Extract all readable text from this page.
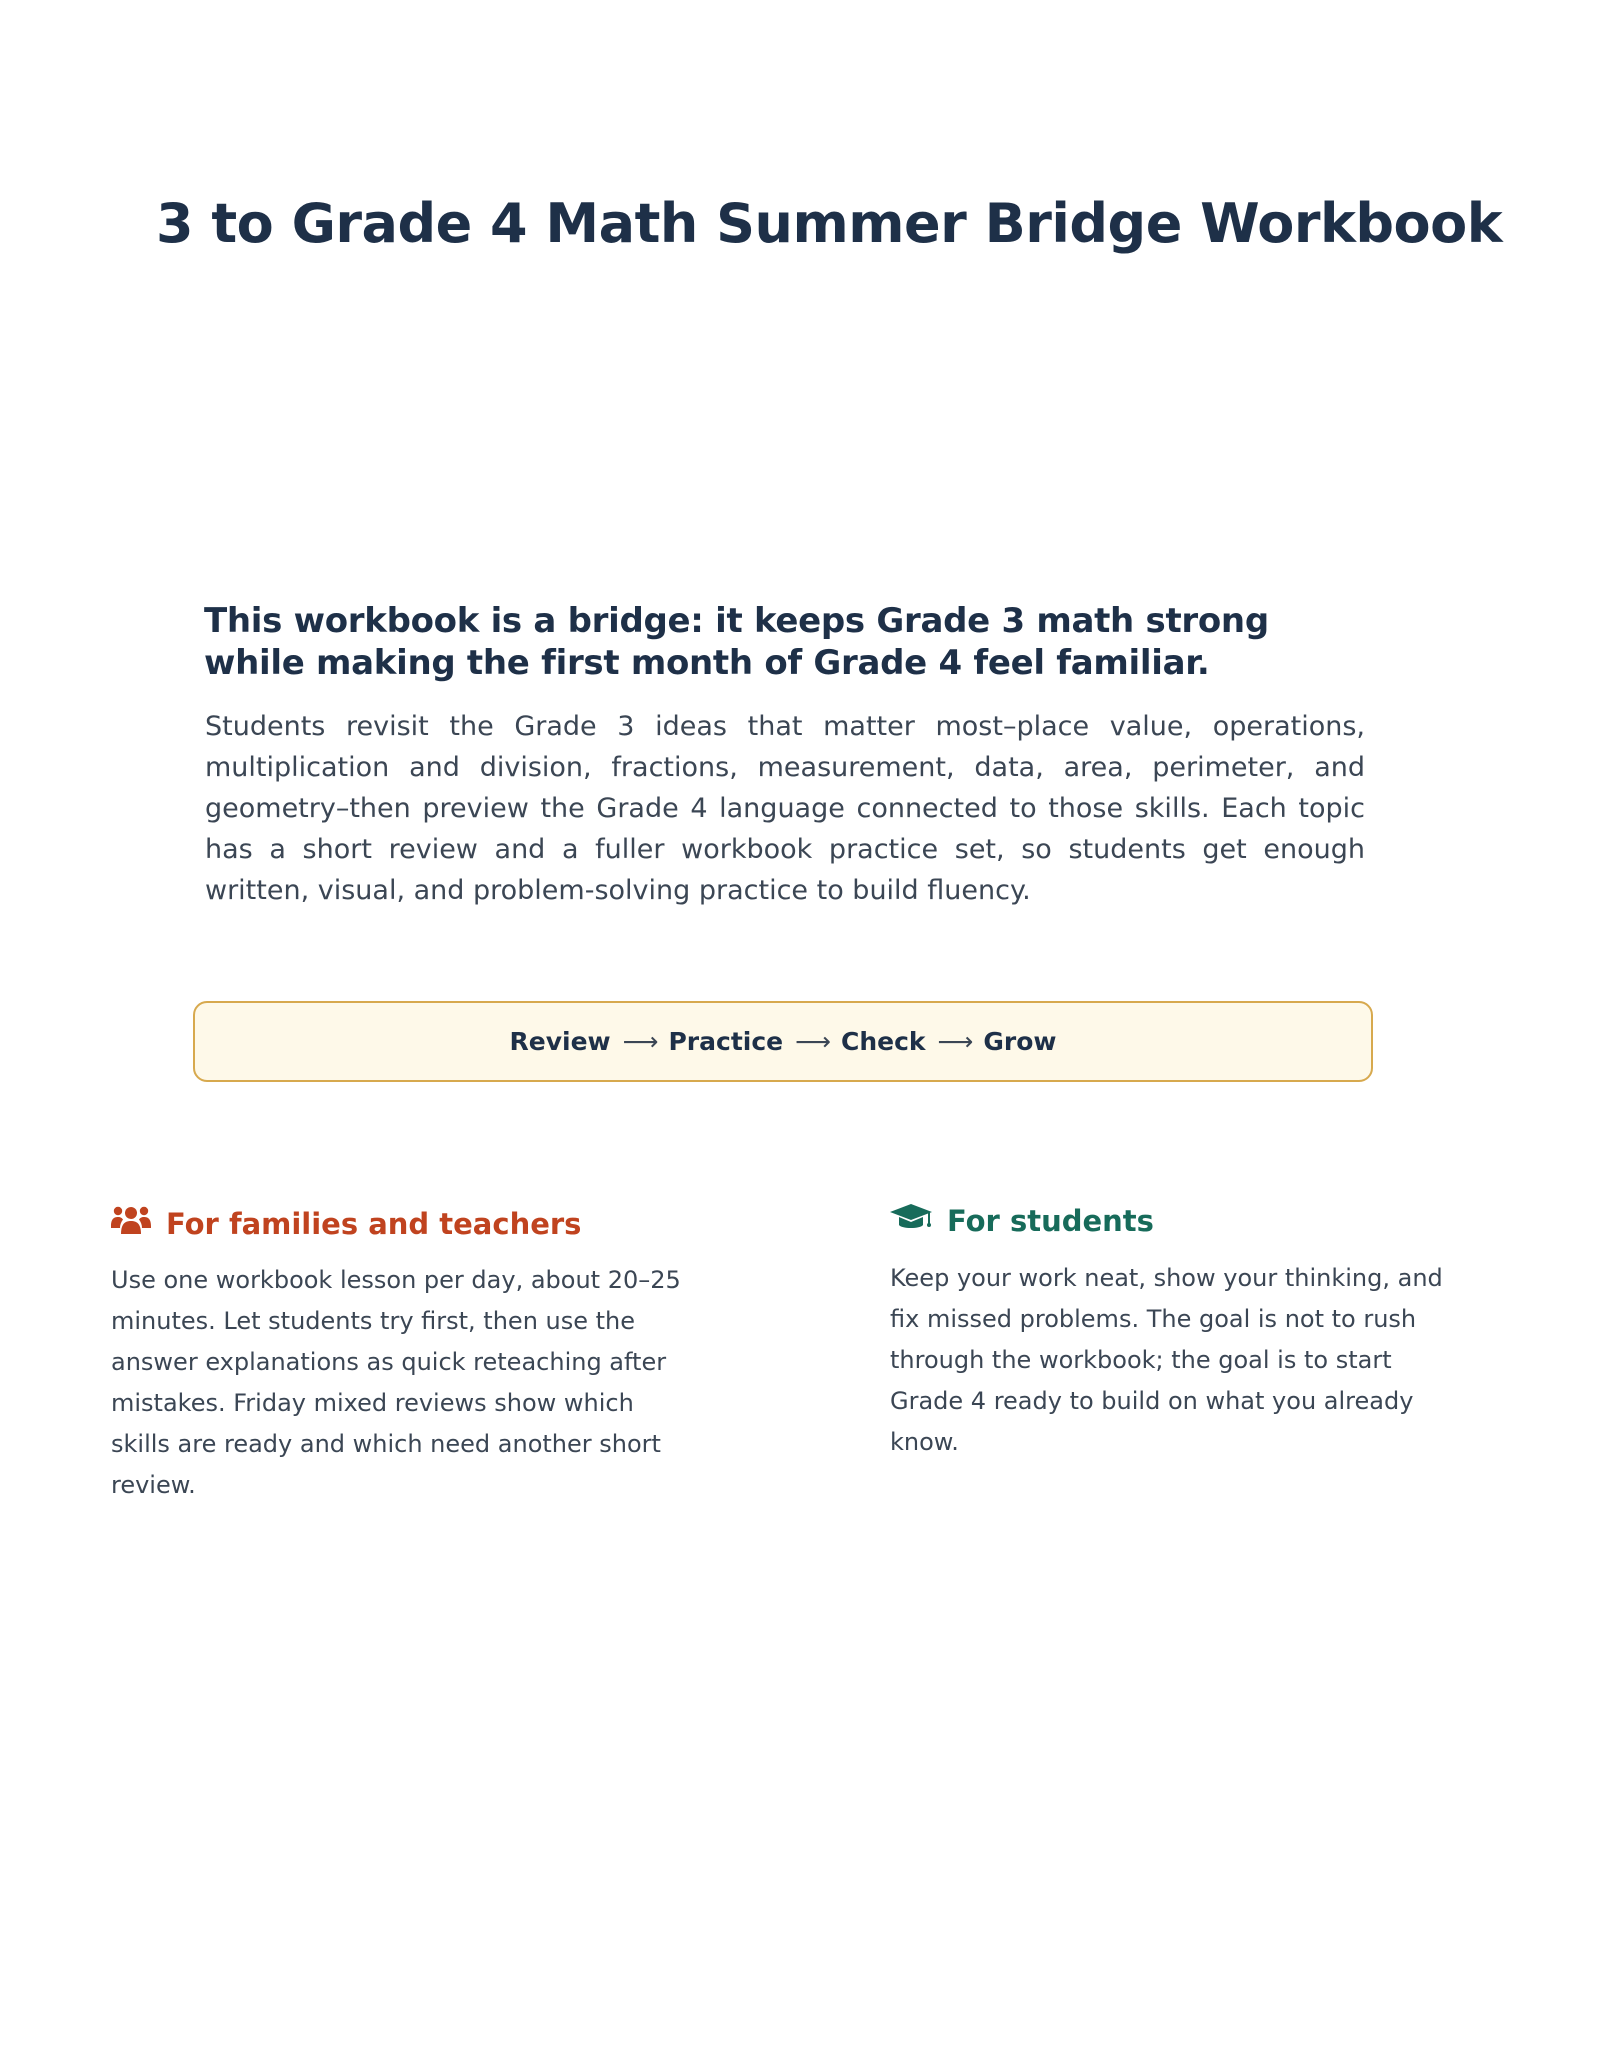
3 to Grade 4 Math Summer Bridge Workbook
This workbook is a bridge: it keeps Grade 3 math strong while making the first month of Grade 4 feel familiar.

Students revisit the Grade 3 ideas that matter most–place value, operations, multiplication and division, fractions, measurement, data, area, perimeter, and geometry–then preview the Grade 4 language connected to those skills. Each topic has a short review and a fuller workbook practice set, so students get enough written, visual, and problem-solving practice to build fluency.

Review ⟶ Practice ⟶ Check ⟶ Grow
For families and teachers

Use one workbook lesson per day, about 20–25 minutes. Let students try first, then use the answer explanations as quick reteaching after mistakes. Friday mixed reviews show which skills are ready and which need another short review.

For students

Keep your work neat, show your thinking, and fix missed problems. The goal is not to rush through the workbook; the goal is to start Grade 4 ready to build on what you already know.
